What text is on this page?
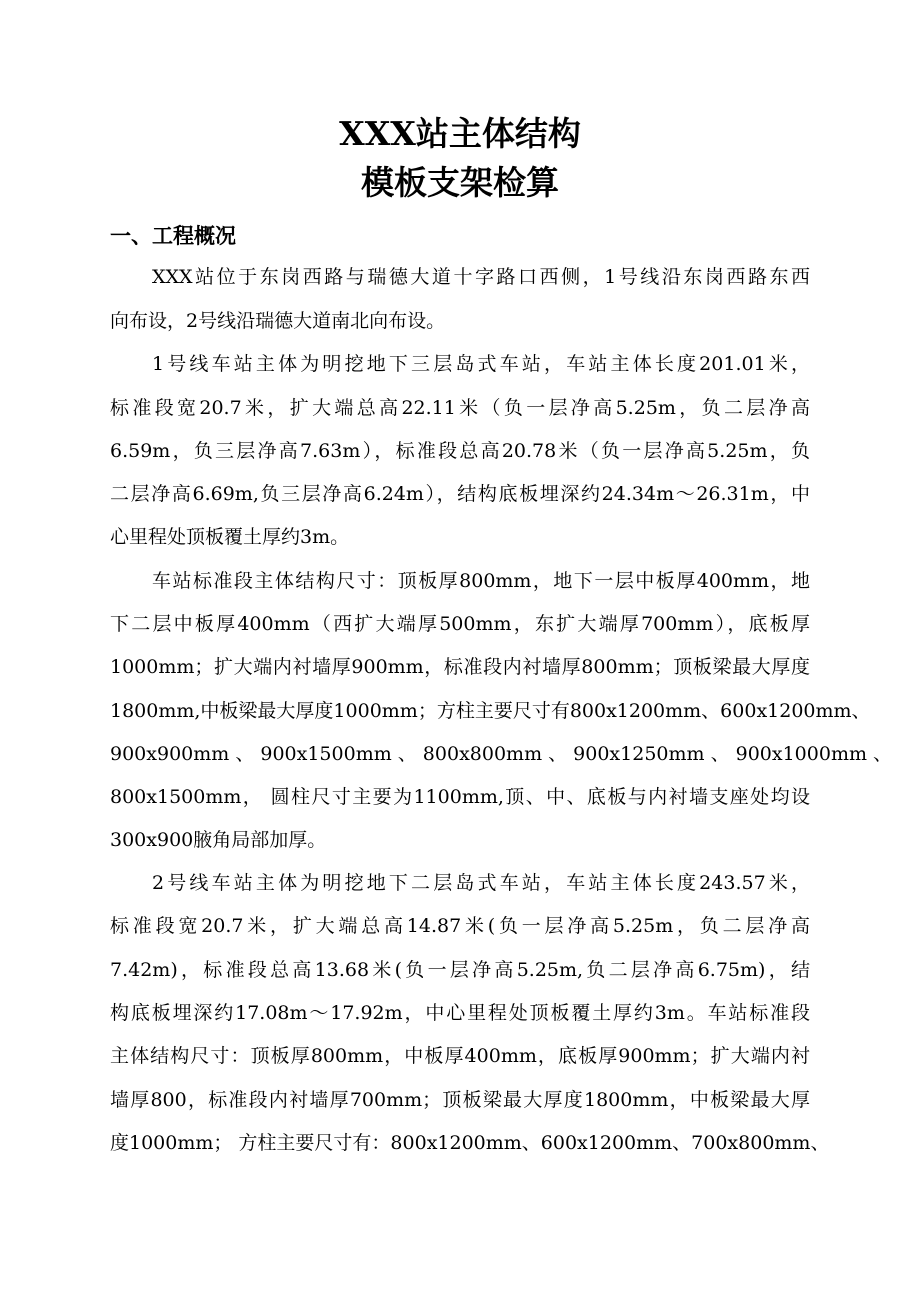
XXX站主体结构
模板支架检算
一、工程概况
XXX站位于东岗西路与瑞德大道十字路口西侧，1号线沿东岗西路东西
向布设，2号线沿瑞德大道南北向布设。
1号线车站主体为明挖地下三层岛式车站，车站主体长度201.01米，
标准段宽20.7米，扩大端总高22.11米（负一层净高5.25m，负二层净高
6.59m，负三层净高7.63m），标准段总高20.78米（负一层净高5.25m，负
二层净高6.69m,负三层净高6.24m），结构底板埋深约24.34m～26.31m，中
心里程处顶板覆土厚约3m。
车站标准段主体结构尺寸：顶板厚800mm，地下一层中板厚400mm，地
下二层中板厚400mm（西扩大端厚500mm，东扩大端厚700mm），底板厚
1000mm；扩大端内衬墙厚900mm，标准段内衬墙厚800mm；顶板梁最大厚度
1800mm,中板梁最大厚度1000mm；方柱主要尺寸有800x1200mm、600x1200mm、
900x900mm 、 900x1500mm 、 800x800mm 、 900x1250mm 、 900x1000mm 、
800x1500mm， 圆柱尺寸主要为1100mm,顶、中、底板与内衬墙支座处均设
300x900腋角局部加厚。
2号线车站主体为明挖地下二层岛式车站，车站主体长度243.57米，
标准段宽20.7米，扩大端总高14.87米(负一层净高5.25m，负二层净高
7.42m)，标准段总高13.68米(负一层净高5.25m,负二层净高6.75m)，结
构底板埋深约17.08m～17.92m，中心里程处顶板覆土厚约3m。车站标准段
主体结构尺寸：顶板厚800mm，中板厚400mm，底板厚900mm；扩大端内衬
墙厚800，标准段内衬墙厚700mm；顶板梁最大厚度1800mm，中板梁最大厚
度1000mm； 方柱主要尺寸有：800x1200mm、600x1200mm、700x800mm、
